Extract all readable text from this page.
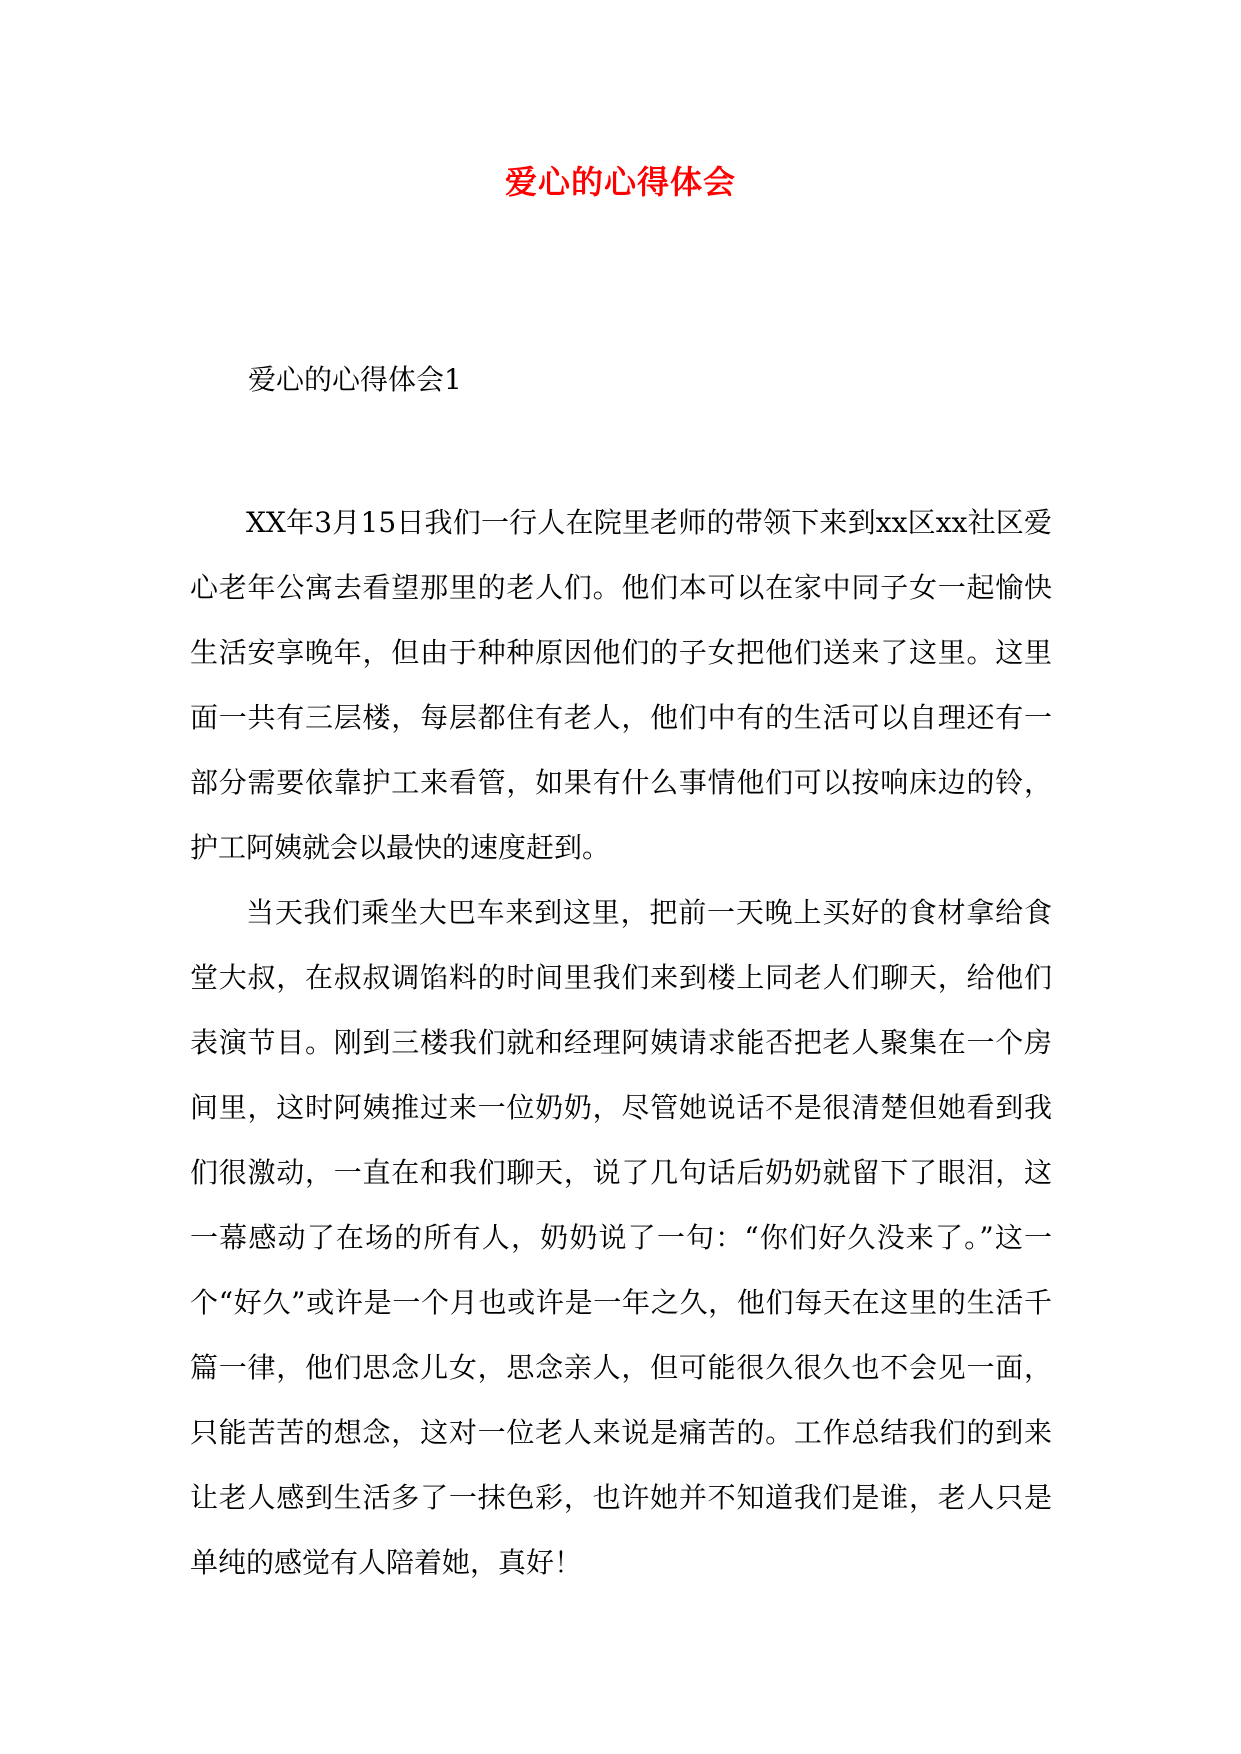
爱心的心得体会
爱心的心得体会1

XX年3月15日我们一行人在院里老师的带领下来到xx区xx社区爱心老年公寓去看望那里的老人们。他们本可以在家中同子女一起愉快生活安享晚年，但由于种种原因他们的子女把他们送来了这里。这里面一共有三层楼，每层都住有老人，他们中有的生活可以自理还有一部分需要依靠护工来看管，如果有什么事情他们可以按响床边的铃，护工阿姨就会以最快的速度赶到。

当天我们乘坐大巴车来到这里，把前一天晚上买好的食材拿给食堂大叔，在叔叔调馅料的时间里我们来到楼上同老人们聊天，给他们表演节目。刚到三楼我们就和经理阿姨请求能否把老人聚集在一个房间里，这时阿姨推过来一位奶奶，尽管她说话不是很清楚但她看到我们很激动，一直在和我们聊天，说了几句话后奶奶就留下了眼泪，这一幕感动了在场的所有人，奶奶说了一句：“你们好久没来了。”这一个“好久”或许是一个月也或许是一年之久，他们每天在这里的生活千篇一律，他们思念儿女，思念亲人，但可能很久很久也不会见一面，只能苦苦的想念，这对一位老人来说是痛苦的。工作总结我们的到来让老人感到生活多了一抹色彩，也许她并不知道我们是谁，老人只是单纯的感觉有人陪着她，真好！
